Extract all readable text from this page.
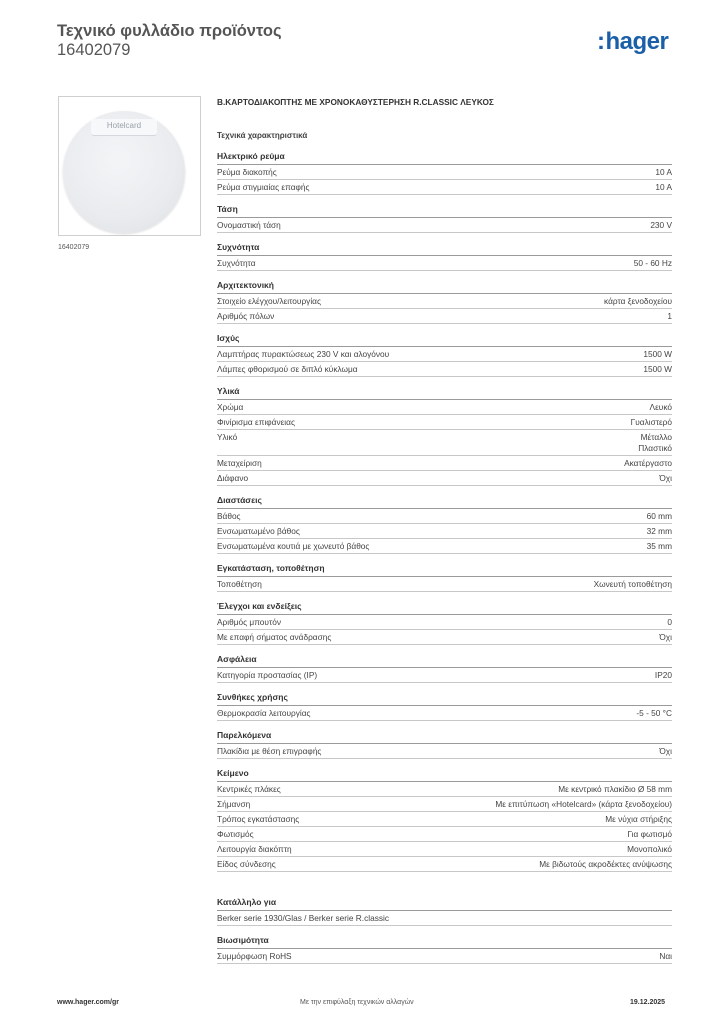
Τεχνικό φυλλάδιο προϊόντος
16402079	:hager
Hotelcard
16402079
Β.ΚΑΡΤΟΔΙΑΚΟΠΤΗΣ ΜΕ ΧΡΟΝΟΚΑΘΥΣΤΕΡΗΣΗ R.CLASSIC ΛΕΥΚΟΣ
Τεχνικά χαρακτηριστικά
Ηλεκτρικό ρεύμα
Ρεύμα διακοπής	10 A
Ρεύμα στιγμιαίας επαφής	10 A
Τάση
Ονομαστική τάση	230 V
Συχνότητα
Συχνότητα	50 - 60 Hz
Αρχιτεκτονική
Στοιχείο ελέγχου/λειτουργίας	κάρτα ξενοδοχείου
Αριθμός πόλων	1
Ισχύς
Λαμπτήρας πυρακτώσεως 230 V και αλογόνου	1500 W
Λάμπες φθορισμού σε διπλό κύκλωμα	1500 W
Υλικά
Χρώμα	Λευκό
Φινίρισμα επιφάνειας	Γυαλιστερό
Υλικό	Μέταλλο
Πλαστικό
Μεταχείριση	Ακατέργαστο
Διάφανο	Όχι
Διαστάσεις
Βάθος	60 mm
Ενσωματωμένο βάθος	32 mm
Ενσωματωμένα κουτιά με χωνευτό βάθος	35 mm
Εγκατάσταση, τοποθέτηση
Τοποθέτηση	Χωνευτή τοποθέτηση
Έλεγχοι και ενδείξεις
Αριθμός μπουτόν	0
Με επαφή σήματος ανάδρασης	Όχι
Ασφάλεια
Κατηγορία προστασίας (IP)	IP20
Συνθήκες χρήσης
Θερμοκρασία λειτουργίας	-5 - 50 °C
Παρελκόμενα
Πλακίδια με θέση επιγραφής	Όχι
Κείμενο
Κεντρικές πλάκες	Με κεντρικό πλακίδιο Ø 58 mm
Σήμανση	Με επιτύπωση «Hotelcard» (κάρτα ξενοδοχείου)
Τρόπος εγκατάστασης	Με νύχια στήριξης
Φωτισμός	Για φωτισμό
Λειτουργία διακόπτη	Μονοπολικό
Είδος σύνδεσης	Με βιδωτούς ακροδέκτες ανύψωσης
Κατάλληλο για
Berker serie 1930/Glas / Berker serie R.classic
Βιωσιμότητα
Συμμόρφωση RoHS	Ναι
www.hager.com/gr	Με την επιφύλαξη τεχνικών αλλαγών	19.12.2025
